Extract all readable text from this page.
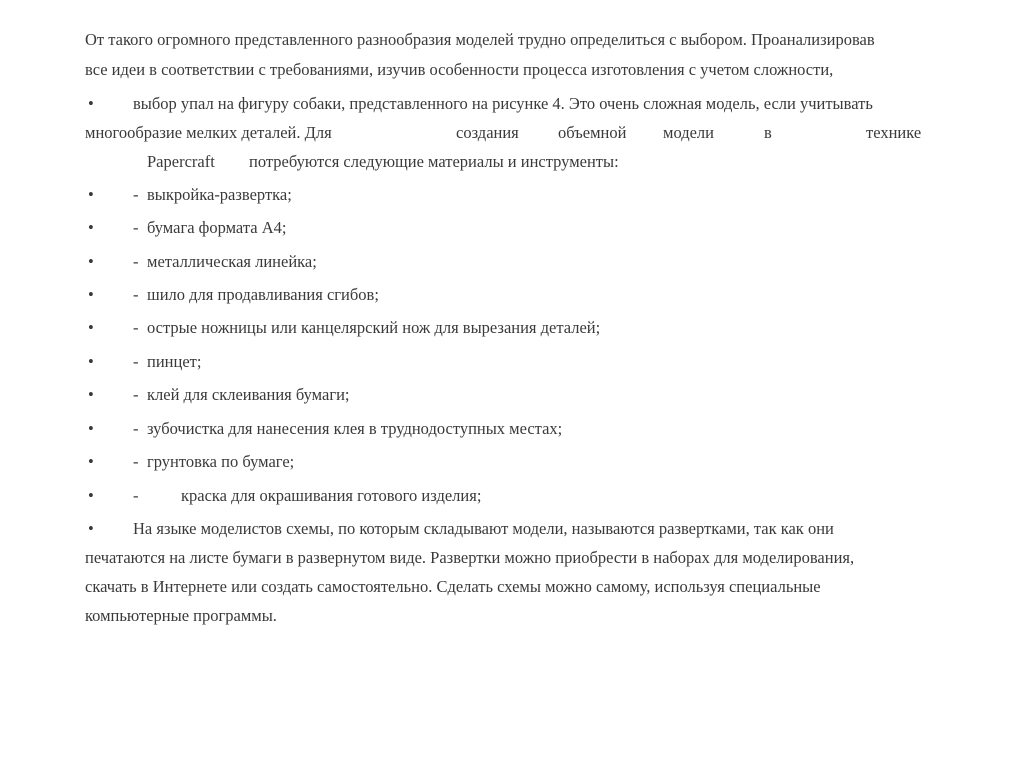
От такого огромного представленного разнообразия моделей трудно определиться с выбором. Проанализировав
все идеи в соответствии с требованиями, изучив особенности процесса изготовления с учетом сложности,
• выбор упал на фигуру собаки, представленного на рисунке 4. Это очень сложная модель, если учитывать
многообразие мелких деталей. Для	создания объемной модели	в	технике
Papercraft потребуются следующие материалы и инструменты:
• - выкройка-развертка;
• - бумага формата А4;
• - металлическая линейка;
• - шило для продавливания сгибов;
• - острые ножницы или канцелярский нож для вырезания деталей;
• - пинцет;
• - клей для склеивания бумаги;
• - зубочистка для нанесения клея в труднодоступных местах;
• - грунтовка по бумаге;
• -	краска для окрашивания готового изделия;
• На языке моделистов схемы, по которым складывают модели, называются развертками, так как они
печатаются на листе бумаги в развернутом виде. Развертки можно приобрести в наборах для моделирования,
скачать в Интернете или создать самостоятельно. Сделать схемы можно самому, используя специальные
компьютерные программы.
